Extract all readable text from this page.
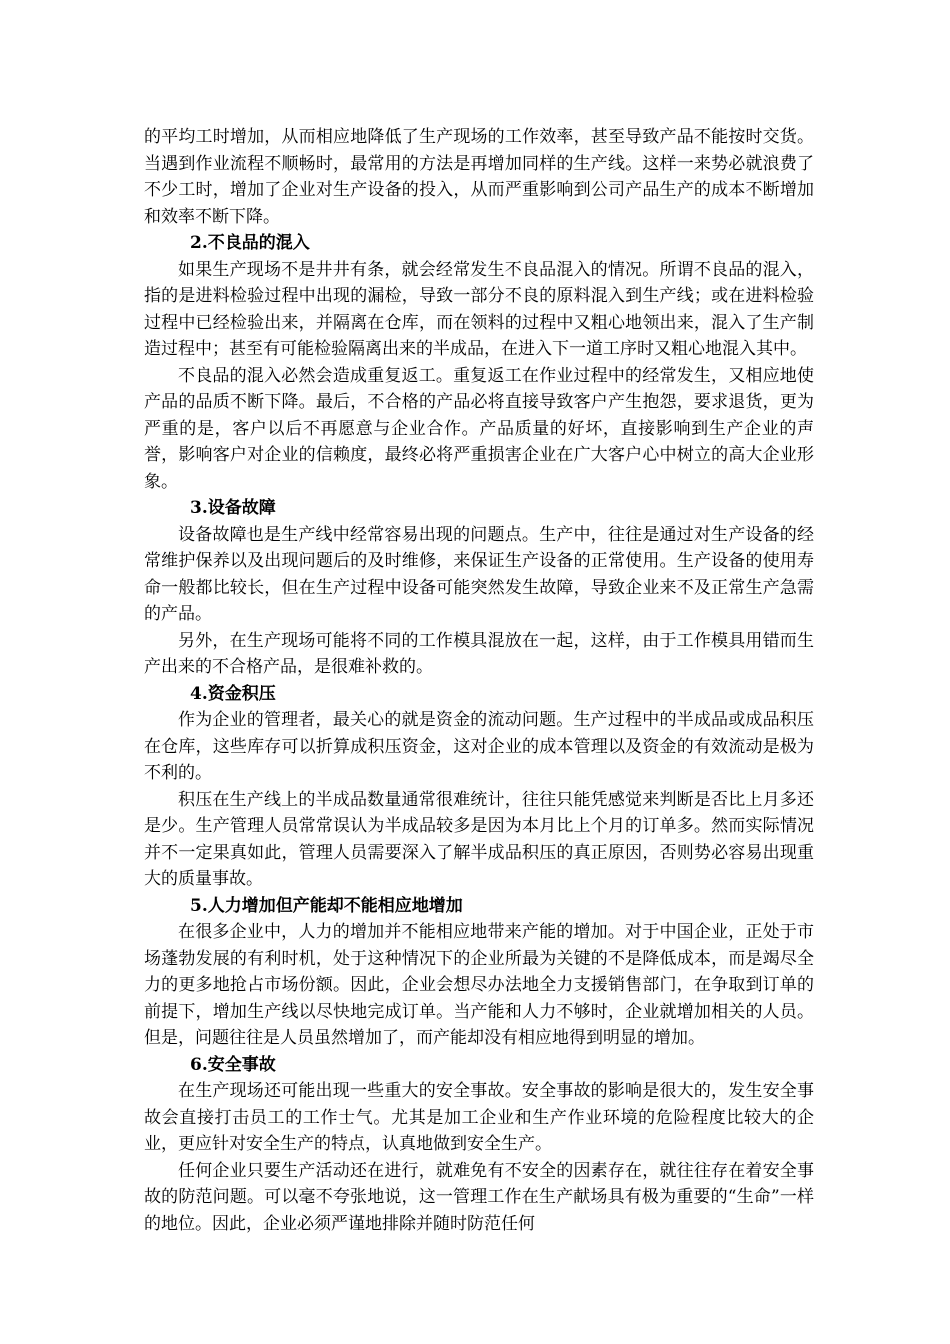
的平均工时增加，从而相应地降低了生产现场的工作效率，甚至导致产品不能按时交货。当遇到作业流程不顺畅时，最常用的方法是再增加同样的生产线。这样一来势必就浪费了不少工时，增加了企业对生产设备的投入，从而严重影响到公司产品生产的成本不断增加和效率不断下降。

2.不良品的混入

如果生产现场不是井井有条，就会经常发生不良品混入的情况。所谓不良品的混入，指的是进料检验过程中出现的漏检，导致一部分不良的原料混入到生产线；或在进料检验过程中已经检验出来，并隔离在仓库，而在领料的过程中又粗心地领出来，混入了生产制造过程中；甚至有可能检验隔离出来的半成品，在进入下一道工序时又粗心地混入其中。

不良品的混入必然会造成重复返工。重复返工在作业过程中的经常发生，又相应地使产品的品质不断下降。最后，不合格的产品必将直接导致客户产生抱怨，要求退货，更为严重的是，客户以后不再愿意与企业合作。产品质量的好坏，直接影响到生产企业的声誉，影响客户对企业的信赖度，最终必将严重损害企业在广大客户心中树立的高大企业形象。

3.设备故障

设备故障也是生产线中经常容易出现的问题点。生产中，往往是通过对生产设备的经常维护保养以及出现问题后的及时维修，来保证生产设备的正常使用。生产设备的使用寿命一般都比较长，但在生产过程中设备可能突然发生故障，导致企业来不及正常生产急需的产品。

另外，在生产现场可能将不同的工作模具混放在一起，这样，由于工作模具用错而生产出来的不合格产品，是很难补救的。

4.资金积压

作为企业的管理者，最关心的就是资金的流动问题。生产过程中的半成品或成品积压在仓库，这些库存可以折算成积压资金，这对企业的成本管理以及资金的有效流动是极为不利的。

积压在生产线上的半成品数量通常很难统计，往往只能凭感觉来判断是否比上月多还是少。生产管理人员常常误认为半成品较多是因为本月比上个月的订单多。然而实际情况并不一定果真如此，管理人员需要深入了解半成品积压的真正原因，否则势必容易出现重大的质量事故。

5.人力增加但产能却不能相应地增加

在很多企业中，人力的增加并不能相应地带来产能的增加。对于中国企业，正处于市场蓬勃发展的有利时机，处于这种情况下的企业所最为关键的不是降低成本，而是竭尽全力的更多地抢占市场份额。因此，企业会想尽办法地全力支援销售部门，在争取到订单的前提下，增加生产线以尽快地完成订单。当产能和人力不够时，企业就增加相关的人员。但是，问题往往是人员虽然增加了，而产能却没有相应地得到明显的增加。

6.安全事故

在生产现场还可能出现一些重大的安全事故。安全事故的影响是很大的，发生安全事故会直接打击员工的工作士气。尤其是加工企业和生产作业环境的危险程度比较大的企业，更应针对安全生产的特点，认真地做到安全生产。

任何企业只要生产活动还在进行，就难免有不安全的因素存在，就往往存在着安全事故的防范问题。可以毫不夸张地说，这一管理工作在生产献场具有极为重要的“生命”一样的地位。因此，企业必须严谨地排除并随时防范任何
